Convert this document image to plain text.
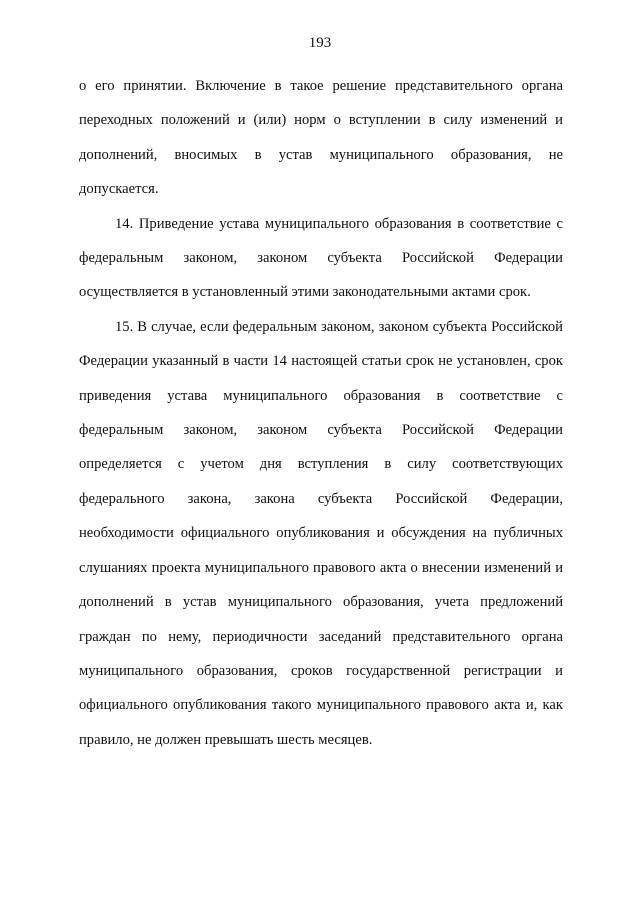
193

о его принятии. Включение в такое решение представительного органа переходных положений и (или) норм о вступлении в силу изменений и дополнений, вносимых в устав муниципального образования, не допускается.

14. Приведение устава муниципального образования в соответствие с федеральным законом, законом субъекта Российской Федерации осуществляется в установленный этими законодательными актами срок.

15. В случае, если федеральным законом, законом субъекта Российской Федерации указанный в части 14 настоящей статьи срок не установлен, срок приведения устава муниципального образования в соответствие с федеральным законом, законом субъекта Российской Федерации определяется с учетом дня вступления в силу соответствующих федерального закона, закона субъекта Российской Федерации, необходимости официального опубликования и обсуждения на публичных слушаниях проекта муниципального правового акта о внесении изменений и дополнений в устав муниципального образования, учета предложений граждан по нему, периодичности заседаний представительного органа муниципального образования, сроков государственной регистрации и официального опубликования такого муниципального правового акта и, как правило, не должен превышать шесть месяцев.
